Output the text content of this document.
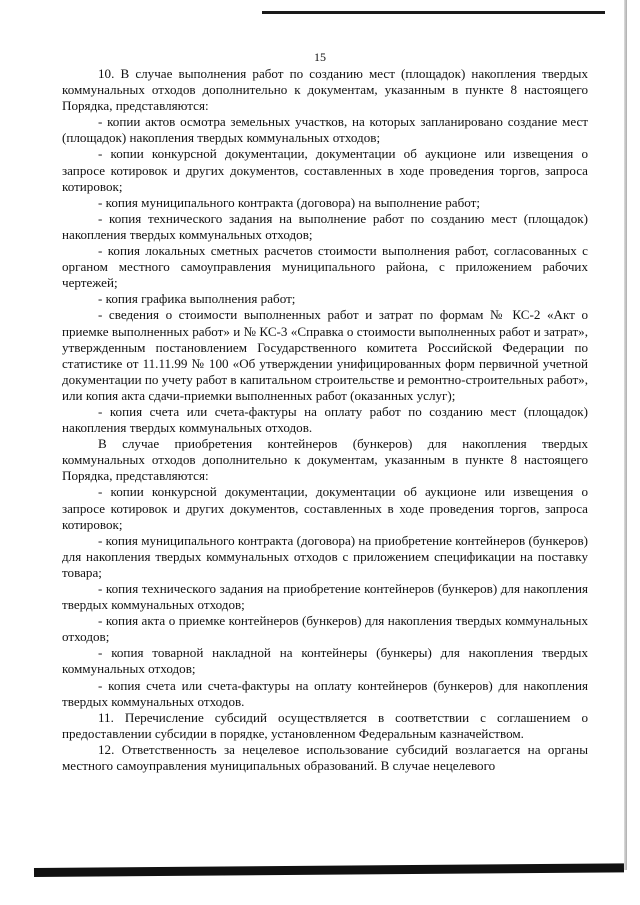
15

10. В случае выполнения работ по созданию мест (площадок) накопления твердых коммунальных отходов дополнительно к документам, указанным в пункте 8 настоящего Порядка, представляются:

- копии актов осмотра земельных участков, на которых запланировано создание мест (площадок) накопления твердых коммунальных отходов;

- копии конкурсной документации, документации об аукционе или извещения о запросе котировок и других документов, составленных в ходе проведения торгов, запроса котировок;

- копия муниципального контракта (договора) на выполнение работ;

- копия технического задания на выполнение работ по созданию мест (площадок) накопления твердых коммунальных отходов;

- копия локальных сметных расчетов стоимости выполнения работ, согласованных с органом местного самоуправления муниципального района, с приложением рабочих чертежей;

- копия графика выполнения работ;

- сведения о стоимости выполненных работ и затрат по формам № КС-2 «Акт о приемке выполненных работ» и № КС-3 «Справка о стоимости выполненных работ и затрат», утвержденным постановлением Государственного комитета Российской Федерации по статистике от 11.11.99 № 100 «Об утверждении унифицированных форм первичной учетной документации по учету работ в капитальном строительстве и ремонтно-строительных работ», или копия акта сдачи-приемки выполненных работ (оказанных услуг);

- копия счета или счета-фактуры на оплату работ по созданию мест (площадок) накопления твердых коммунальных отходов.

В случае приобретения контейнеров (бункеров) для накопления твердых коммунальных отходов дополнительно к документам, указанным в пункте 8 настоящего Порядка, представляются:

- копии конкурсной документации, документации об аукционе или извещения о запросе котировок и других документов, составленных в ходе проведения торгов, запроса котировок;

- копия муниципального контракта (договора) на приобретение контейнеров (бункеров) для накопления твердых коммунальных отходов с приложением спецификации на поставку товара;

- копия технического задания на приобретение контейнеров (бункеров) для накопления твердых коммунальных отходов;

- копия акта о приемке контейнеров (бункеров) для накопления твердых коммунальных отходов;

- копия товарной накладной на контейнеры (бункеры) для накопления твердых коммунальных отходов;

- копия счета или счета-фактуры на оплату контейнеров (бункеров) для накопления твердых коммунальных отходов.

11. Перечисление субсидий осуществляется в соответствии с соглашением о предоставлении субсидии в порядке, установленном Федеральным казначейством.

12. Ответственность за нецелевое использование субсидий возлагается на органы местного самоуправления муниципальных образований. В случае нецелевого
